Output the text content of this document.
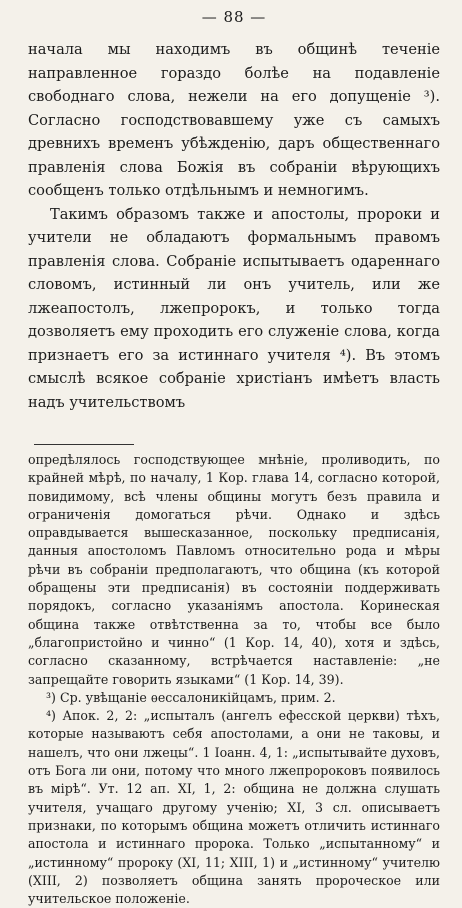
— 88 —

начала мы находимъ въ общинѣ теченіе направленное гораздо болѣе на подавленіе свободнаго слова, нежели на его допущеніе ³). Согласно господствовавшему уже съ самыхъ древнихъ временъ убѣжденію, даръ общественнаго правленія слова Божія въ собраніи вѣрующихъ сообщенъ только отдѣльнымъ и немногимъ.

Такимъ образомъ также и апостолы, пророки и учители не обладаютъ формальнымъ правомъ правленія слова. Собраніе испытываетъ одареннаго словомъ, истинный ли онъ учитель, или же лжеапостолъ, лжепророкъ, и только тогда дозволяетъ ему проходить его служеніе слова, когда признаетъ его за истиннаго учителя ⁴). Въ этомъ смыслѣ всякое собраніе христіанъ имѣетъ власть надъ учительствомъ

опредѣлялось господствующее мнѣніе, проливодить, по крайней мѣрѣ, по началу, 1 Кор. глава 14, согласно которой, повидимому, всѣ члены общины могутъ безъ правила и ограниченія домогаться рѣчи. Однако и здѣсь оправдывается вышесказанное, поскольку предписанія, данныя апостоломъ Павломъ относительно рода и мѣры рѣчи въ собраніи предполагаютъ, что община (къ которой обращены эти предписанія) въ состояніи поддерживать порядокъ, согласно указаніямъ апостола. Коринеская община также отвѣтственна за то, чтобы все было „благопристойно и чинно“ (1 Кор. 14, 40), хотя и здѣсь, согласно сказанному, встрѣчается наставленіе: „не запрещайте говорить языками“ (1 Кор. 14, 39).

³) Ср. увѣщаніе ѳессалоникійцамъ, прим. 2.

⁴) Апок. 2, 2: „испыталъ (ангелъ ефесской церкви) тѣхъ, которые называютъ себя апостолами, а они не таковы, и нашелъ, что они лжецы“. 1 Іоанн. 4, 1: „испытывайте духовъ, отъ Бога ли они, потому что много лжепророковъ появилось въ мірѣ“. Ут. 12 ап. XI, 1, 2: община не должна слушать учителя, учащаго другому ученію; XI, 3 сл. описываетъ признаки, по которымъ община можетъ отличить истиннаго апостола и истиннаго пророка. Только „испытанному“ и „истинному“ пророку (XI, 11; XIII, 1) и „истинному“ учителю (XIII, 2) позволяетъ община занять пророческое или учительское положеніе.
